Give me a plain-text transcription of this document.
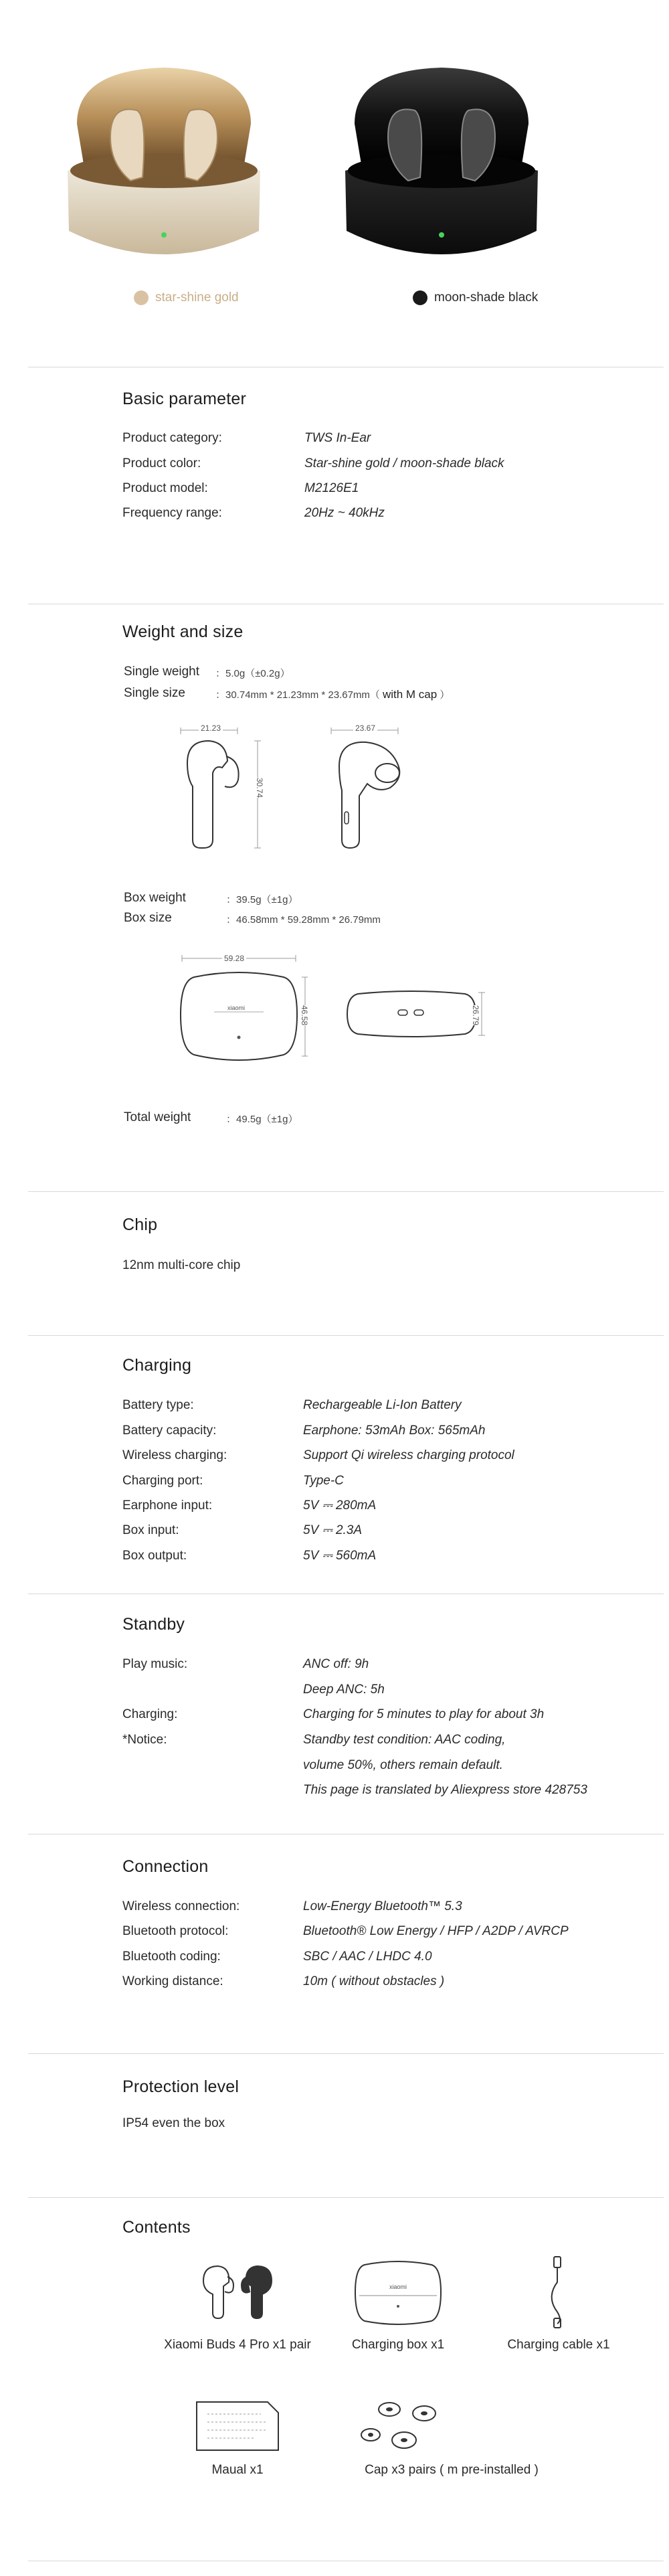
star-shine gold	moon-shade black
Basic parameter
Product category:	TWS In-Ear
Product color:	Star-shine gold / moon-shade black
Product model:	M2126E1
Frequency range:	20Hz ~ 40kHz
Weight and size
Single weight ：5.0g（±0.2g）
Single size	：30.74mm * 21.23mm * 23.67mm（ with M cap ）
21.23
30.74
23.67
Box weight	：39.5g（±1g）
Box size	：46.58mm * 59.28mm * 26.79mm
xiaomi
59.28
46.58	26.79
Total weight	：49.5g（±1g）
Chip
12nm multi-core chip
Charging
Battery type:	Rechargeable Li-Ion Battery
Battery capacity:	Earphone: 53mAh Box: 565mAh
Wireless charging:	Support Qi wireless charging protocol
Charging port:	Type-C
Earphone input:	5V ⎓ 280mA
Box input:	5V ⎓ 2.3A
Box output:	5V ⎓ 560mA
Standby
Play music:	ANC off: 9h
Deep ANC: 5h
Charging:	Charging for 5 minutes to play for about 3h
*Notice:	Standby test condition: AAC coding,
volume 50%, others remain default.
This page is translated by Aliexpress store 428753
Connection
Wireless connection:	Low-Energy Bluetooth™ 5.3
Bluetooth protocol:	Bluetooth® Low Energy / HFP / A2DP / AVRCP
Bluetooth coding:	SBC / AAC / LHDC 4.0
Working distance:	10m ( without obstacles )
Protection level
IP54 even the box
Contents
Xiaomi Buds 4 Pro x1 pair
xiaomi
Charging box x1	Charging cable x1
Maual x1	Cap x3 pairs ( m pre-installed )
